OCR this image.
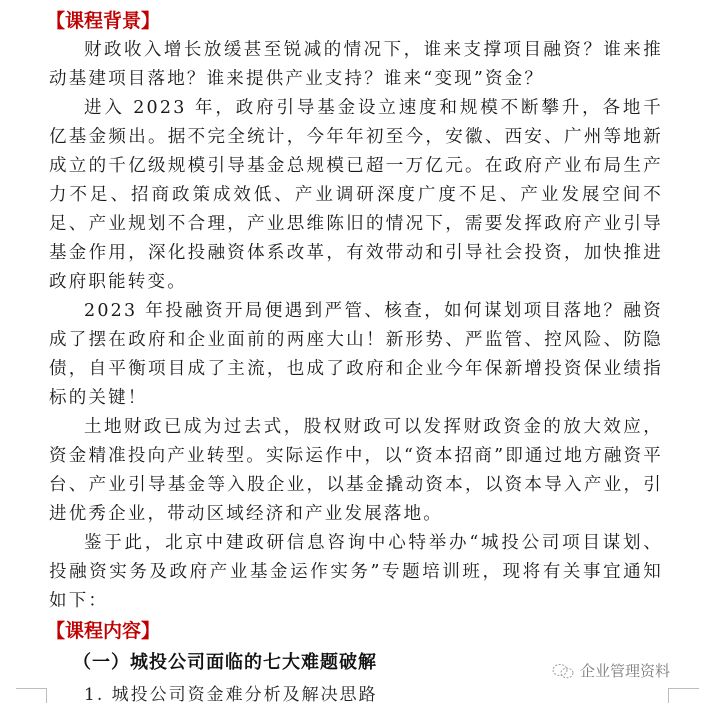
【课程背景】

财政收入增长放缓甚至锐减的情况下，谁来支撑项目融资？谁来推动基建项目落地？谁来提供产业支持？谁来“变现”资金？

进入 2023 年，政府引导基金设立速度和规模不断攀升，各地千亿基金频出。据不完全统计，今年年初至今，安徽、西安、广州等地新成立的千亿级规模引导基金总规模已超一万亿元。在政府产业布局生产力不足、招商政策成效低、产业调研深度广度不足、产业发展空间不足、产业规划不合理，产业思维陈旧的情况下，需要发挥政府产业引导基金作用，深化投融资体系改革，有效带动和引导社会投资，加快推进政府职能转变。

2023 年投融资开局便遇到严管、核查，如何谋划项目落地？融资成了摆在政府和企业面前的两座大山！新形势、严监管、控风险、防隐债，自平衡项目成了主流，也成了政府和企业今年保新增投资保业绩指标的关键！

土地财政已成为过去式，股权财政可以发挥财政资金的放大效应，资金精准投向产业转型。实际运作中，以“资本招商”即通过地方融资平台、产业引导基金等入股企业，以基金撬动资本，以资本导入产业，引进优秀企业，带动区域经济和产业发展落地。

鉴于此，北京中建政研信息咨询中心特举办“城投公司项目谋划、投融资实务及政府产业基金运作实务”专题培训班，现将有关事宜通知如下：

【课程内容】
（一）城投公司面临的七大难题破解
1. 城投公司资金难分析及解决思路
企业管理资料
